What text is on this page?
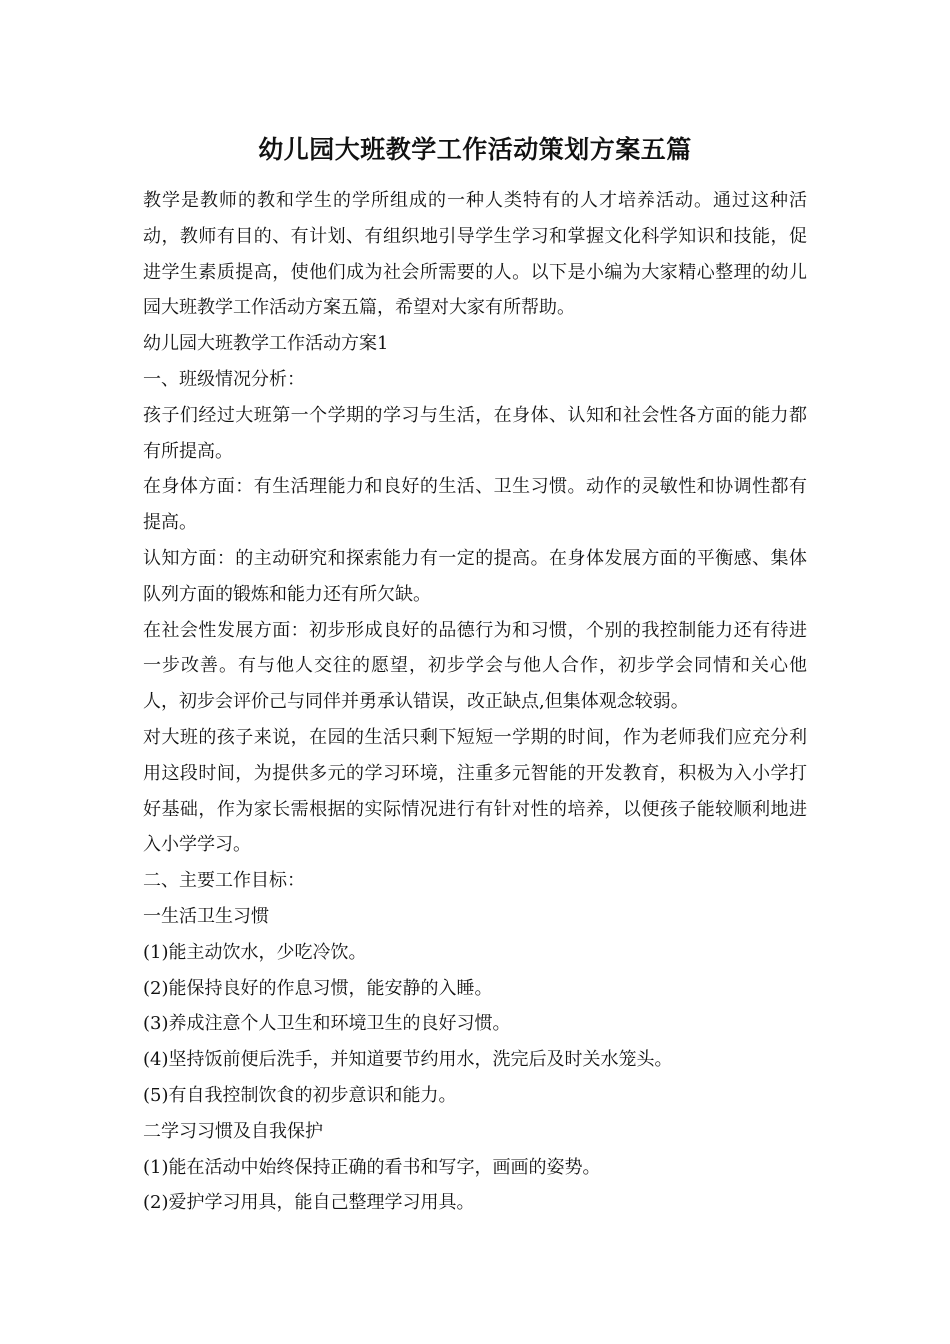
幼儿园大班教学工作活动策划方案五篇

教学是教师的教和学生的学所组成的一种人类特有的人才培养活动。通过这种活动，教师有目的、有计划、有组织地引导学生学习和掌握文化科学知识和技能，促进学生素质提高，使他们成为社会所需要的人。以下是小编为大家精心整理的幼儿园大班教学工作活动方案五篇，希望对大家有所帮助。

幼儿园大班教学工作活动方案1

一、班级情况分析：

孩子们经过大班第一个学期的学习与生活，在身体、认知和社会性各方面的能力都有所提高。

在身体方面：有生活理能力和良好的生活、卫生习惯。动作的灵敏性和协调性都有提高。

认知方面：的主动研究和探索能力有一定的提高。在身体发展方面的平衡感、集体队列方面的锻炼和能力还有所欠缺。

在社会性发展方面：初步形成良好的品德行为和习惯，个别的我控制能力还有待进一步改善。有与他人交往的愿望，初步学会与他人合作，初步学会同情和关心他人，初步会评价己与同伴并勇承认错误，改正缺点,但集体观念较弱。

对大班的孩子来说，在园的生活只剩下短短一学期的时间，作为老师我们应充分利用这段时间，为提供多元的学习环境，注重多元智能的开发教育，积极为入小学打好基础，作为家长需根据的实际情况进行有针对性的培养，以便孩子能较顺利地进入小学学习。

二、主要工作目标：

一生活卫生习惯

(1)能主动饮水，少吃冷饮。

(2)能保持良好的作息习惯，能安静的入睡。

(3)养成注意个人卫生和环境卫生的良好习惯。

(4)坚持饭前便后洗手，并知道要节约用水，洗完后及时关水笼头。

(5)有自我控制饮食的初步意识和能力。

二学习习惯及自我保护

(1)能在活动中始终保持正确的看书和写字，画画的姿势。

(2)爱护学习用具，能自己整理学习用具。
